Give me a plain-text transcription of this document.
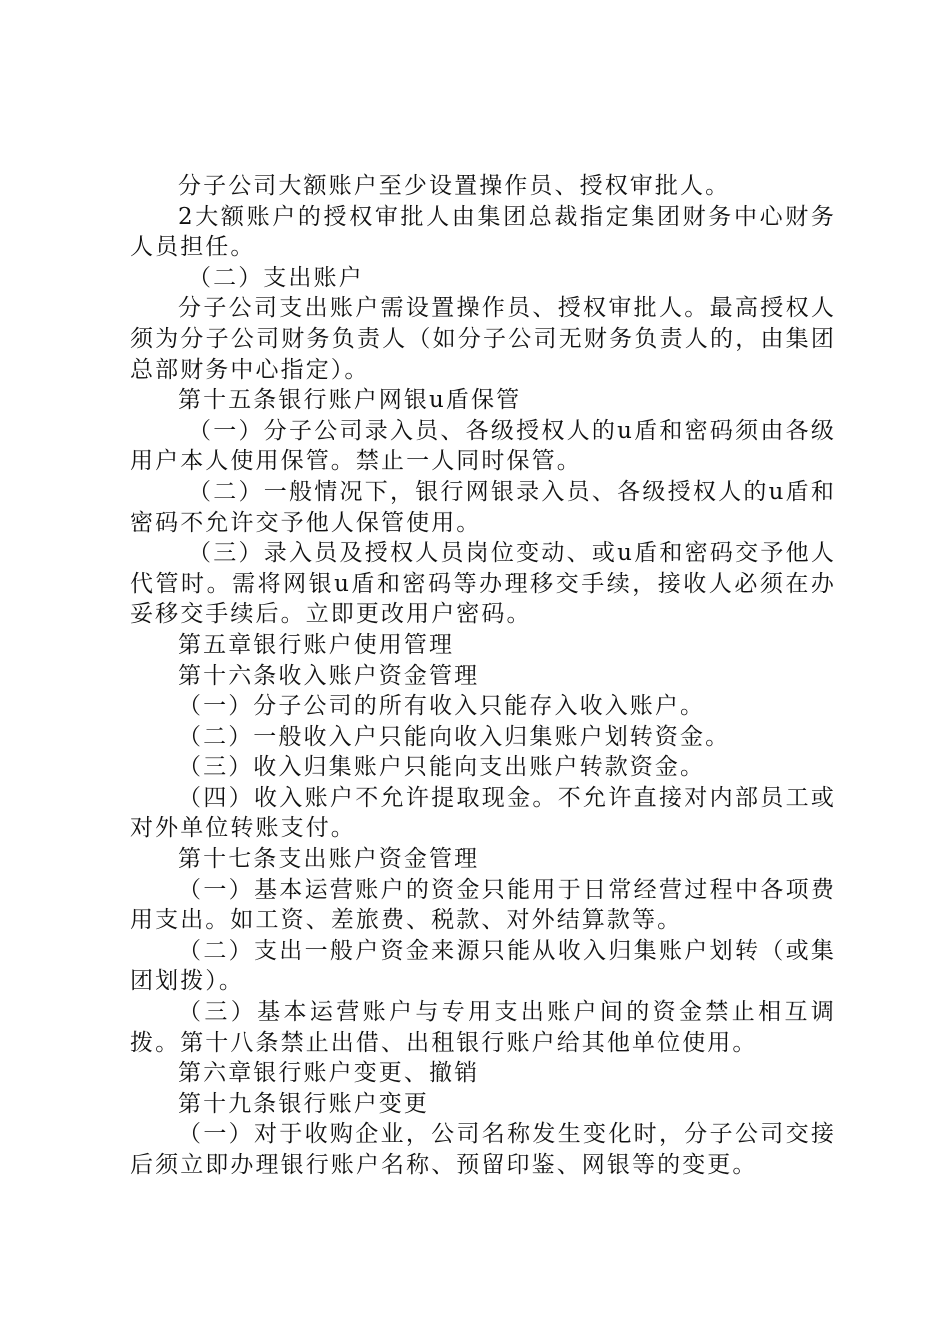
分子公司大额账户至少设置操作员、授权审批人。

2大额账户的授权审批人由集团总裁指定集团财务中心财务人员担任。

（二）支出账户

分子公司支出账户需设置操作员、授权审批人。最高授权人须为分子公司财务负责人（如分子公司无财务负责人的，由集团总部财务中心指定）。

第十五条银行账户网银u盾保管

（一）分子公司录入员、各级授权人的u盾和密码须由各级用户本人使用保管。禁止一人同时保管。

（二）一般情况下，银行网银录入员、各级授权人的u盾和密码不允许交予他人保管使用。

（三）录入员及授权人员岗位变动、或u盾和密码交予他人代管时。需将网银u盾和密码等办理移交手续，接收人必须在办妥移交手续后。立即更改用户密码。

第五章银行账户使用管理

第十六条收入账户资金管理

（一）分子公司的所有收入只能存入收入账户。

（二）一般收入户只能向收入归集账户划转资金。

（三）收入归集账户只能向支出账户转款资金。

（四）收入账户不允许提取现金。不允许直接对内部员工或对外单位转账支付。

第十七条支出账户资金管理

（一）基本运营账户的资金只能用于日常经营过程中各项费用支出。如工资、差旅费、税款、对外结算款等。

（二）支出一般户资金来源只能从收入归集账户划转（或集团划拨）。

（三）基本运营账户与专用支出账户间的资金禁止相互调拨。第十八条禁止出借、出租银行账户给其他单位使用。

第六章银行账户变更、撤销

第十九条银行账户变更

（一）对于收购企业，公司名称发生变化时，分子公司交接后须立即办理银行账户名称、预留印鉴、网银等的变更。
